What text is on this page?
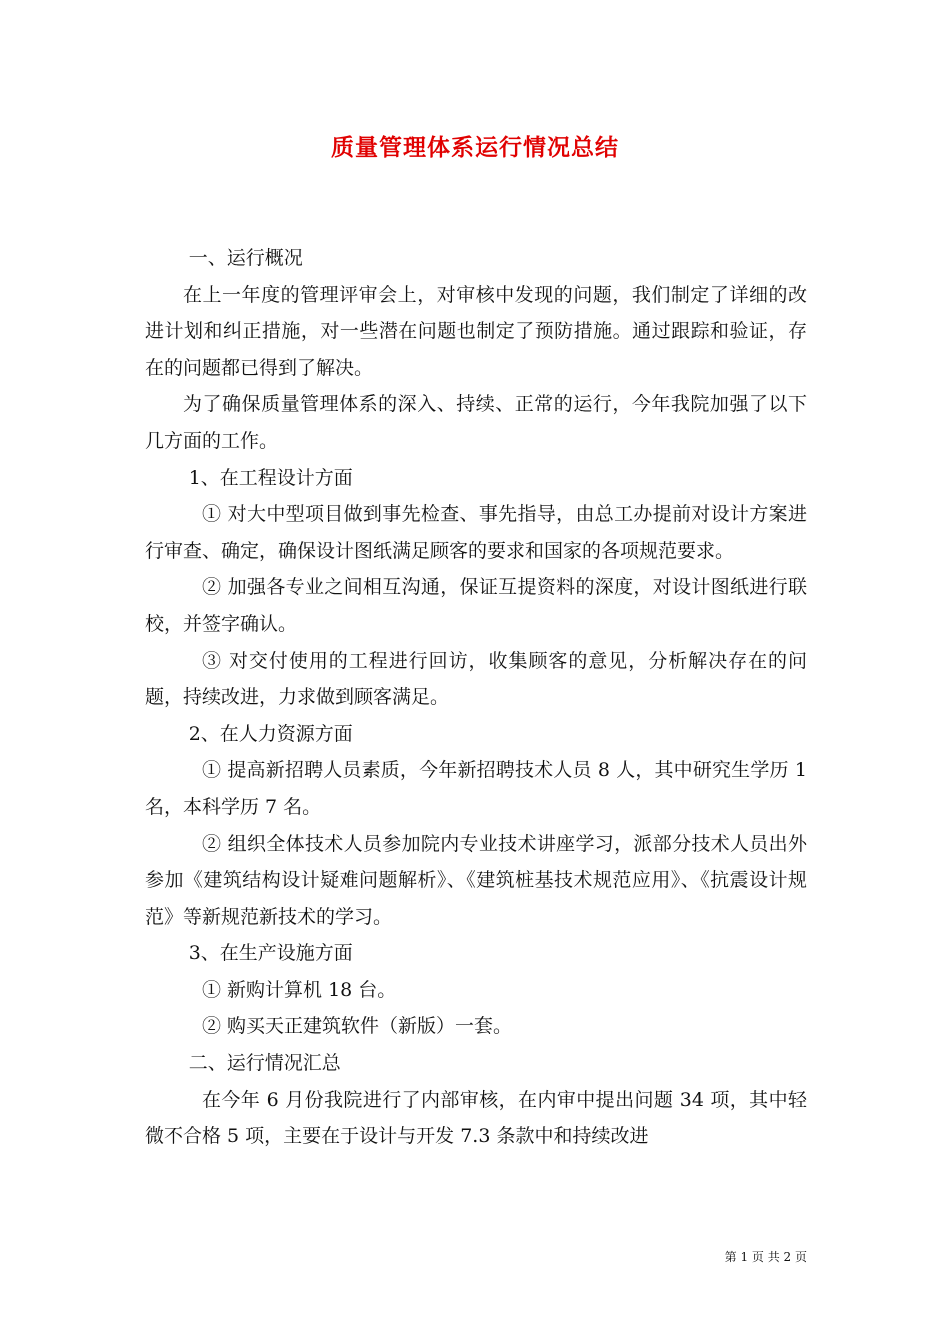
质量管理体系运行情况总结

一、运行概况

在上一年度的管理评审会上，对审核中发现的问题，我们制定了详细的改进计划和纠正措施，对一些潜在问题也制定了预防措施。通过跟踪和验证，存在的问题都已得到了解决。

为了确保质量管理体系的深入、持续、正常的运行，今年我院加强了以下几方面的工作。

1、在工程设计方面

① 对大中型项目做到事先检查、事先指导，由总工办提前对设计方案进行审查、确定，确保设计图纸满足顾客的要求和国家的各项规范要求。

② 加强各专业之间相互沟通，保证互提资料的深度，对设计图纸进行联校，并签字确认。

③ 对交付使用的工程进行回访，收集顾客的意见，分析解决存在的问题，持续改进，力求做到顾客满足。

2、在人力资源方面

① 提高新招聘人员素质，今年新招聘技术人员 8 人，其中研究生学历 1 名，本科学历 7 名。

② 组织全体技术人员参加院内专业技术讲座学习，派部分技术人员出外参加《建筑结构设计疑难问题解析》、《建筑桩基技术规范应用》、《抗震设计规范》等新规范新技术的学习。

3、在生产设施方面

① 新购计算机 18 台。

② 购买天正建筑软件（新版）一套。

二、运行情况汇总

在今年 6 月份我院进行了内部审核，在内审中提出问题 34 项，其中轻微不合格 5 项，主要在于设计与开发 7.3 条款中和持续改进

第 1 页 共 2 页
